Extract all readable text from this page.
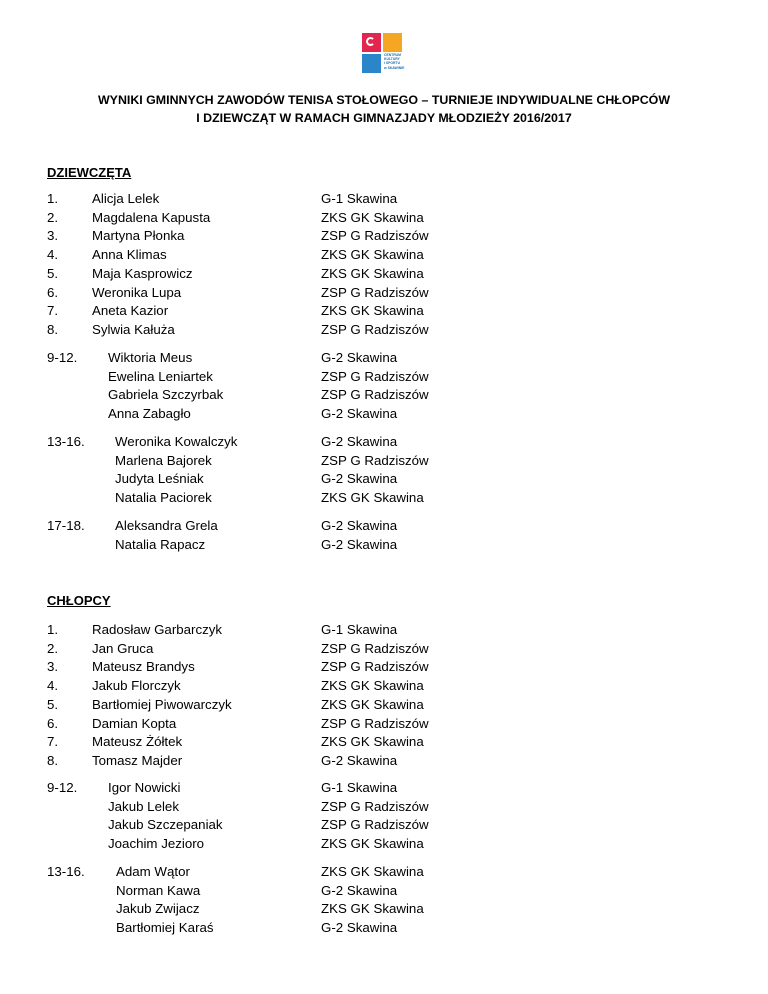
CENTRUM
KULTURY
I SPORTU
w SKAWINIE
WYNIKI GMINNYCH ZAWODÓW TENISA STOŁOWEGO – TURNIEJE INDYWIDUALNE CHŁOPCÓW
I DZIEWCZĄT W RAMACH GIMNAZJADY MŁODZIEŻY 2016/2017
DZIEWCZĘTA
1.	Alicja Lelek	G-1 Skawina
2.	Magdalena Kapusta	ZKS GK Skawina
3.	Martyna Płonka	ZSP G Radziszów
4.	Anna Klimas	ZKS GK Skawina
5.	Maja Kasprowicz	ZKS GK Skawina
6.	Weronika Lupa	ZSP G Radziszów
7.	Aneta Kazior	ZKS GK Skawina
8.	Sylwia Kałuża	ZSP G Radziszów
9-12. Wiktoria Meus	G-2 Skawina
Ewelina Leniartek	ZSP G Radziszów
Gabriela Szczyrbak	ZSP G Radziszów
Anna Zabagło	G-2 Skawina
13-16. Weronika Kowalczyk	G-2 Skawina
Marlena Bajorek	ZSP G Radziszów
Judyta Leśniak	G-2 Skawina
Natalia Paciorek	ZKS GK Skawina
17-18. Aleksandra Grela	G-2 Skawina
Natalia Rapacz	G-2 Skawina
CHŁOPCY
1.	Radosław Garbarczyk	G-1 Skawina
2.	Jan Gruca	ZSP G Radziszów
3.	Mateusz Brandys	ZSP G Radziszów
4.	Jakub Florczyk	ZKS GK Skawina
5.	Bartłomiej Piwowarczyk	ZKS GK Skawina
6.	Damian Kopta	ZSP G Radziszów
7.	Mateusz Żółtek	ZKS GK Skawina
8.	Tomasz Majder	G-2 Skawina
9-12. Igor Nowicki	G-1 Skawina
Jakub Lelek	ZSP G Radziszów
Jakub Szczepaniak	ZSP G Radziszów
Joachim Jezioro	ZKS GK Skawina
13-16. Adam Wątor	ZKS GK Skawina
Norman Kawa	G-2 Skawina
Jakub Zwijacz	ZKS GK Skawina
Bartłomiej Karaś	G-2 Skawina
